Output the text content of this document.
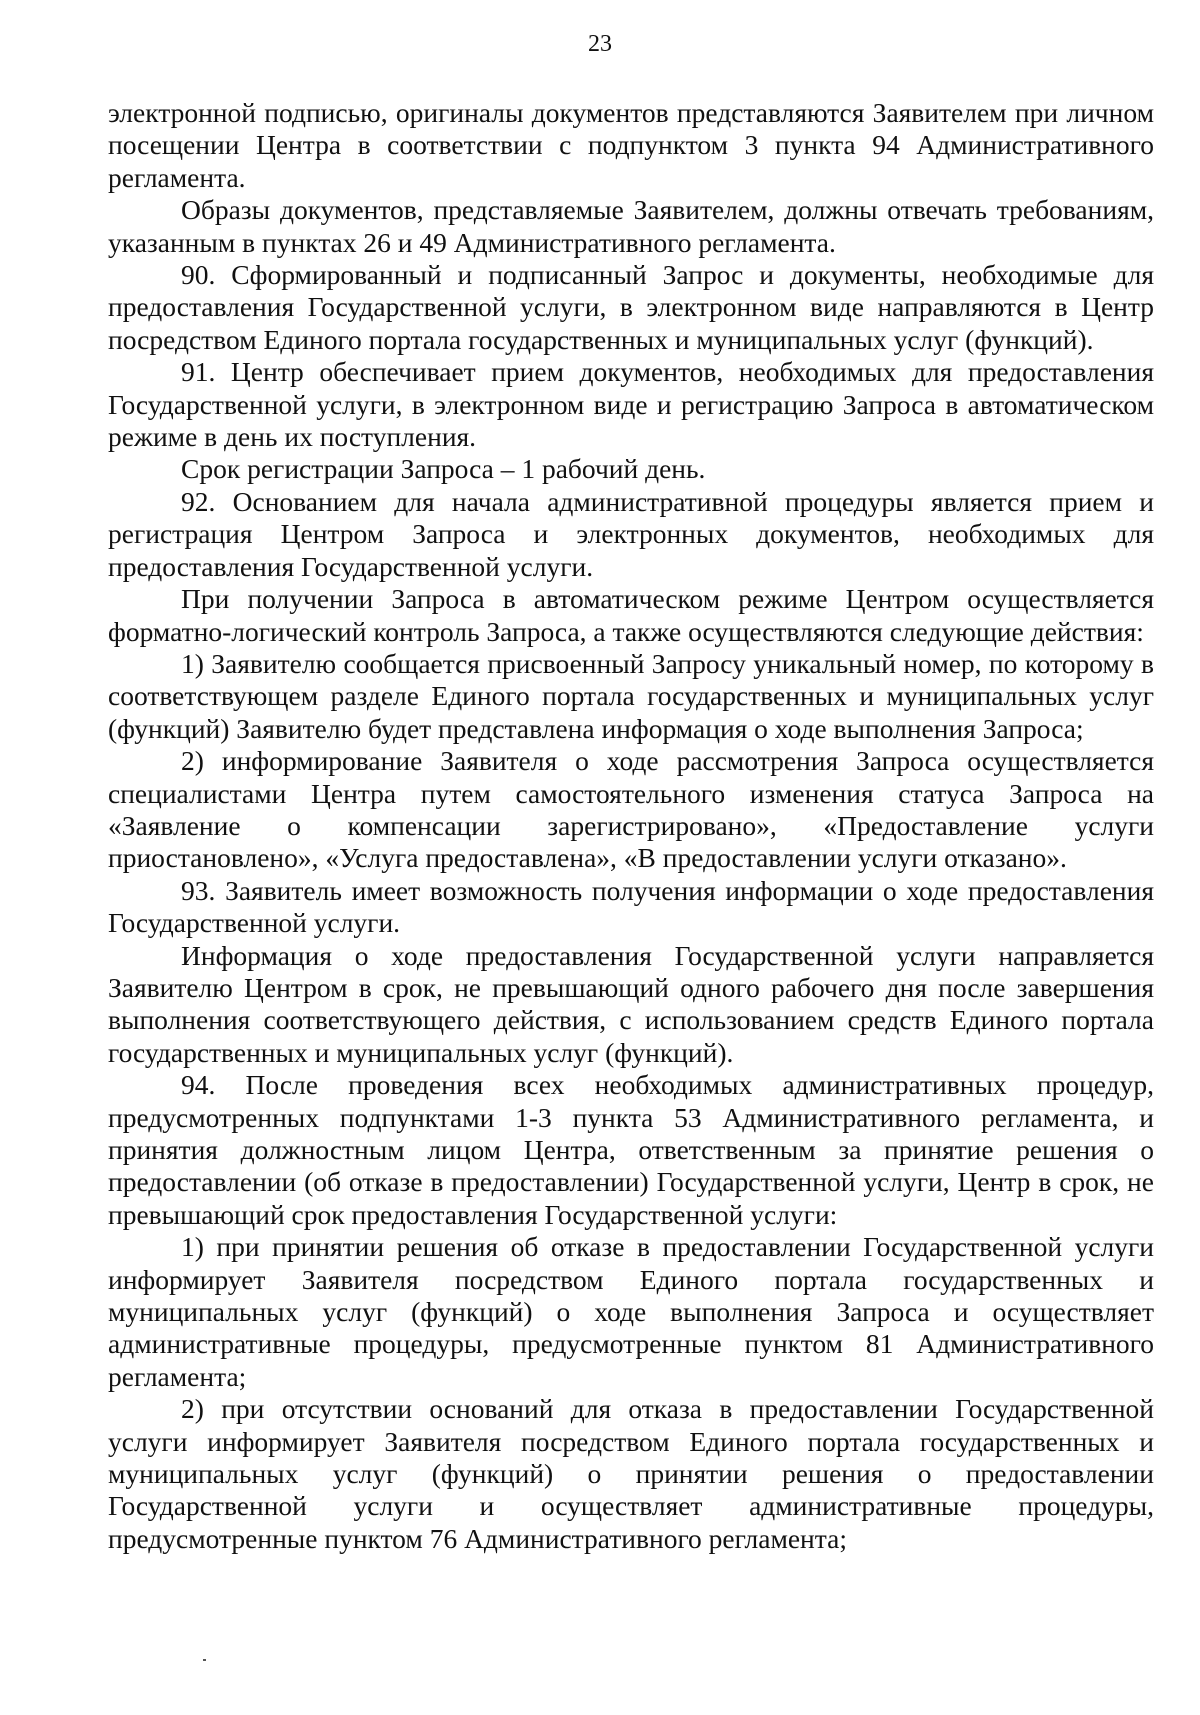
23

электронной подписью, оригиналы документов представляются Заявителем при личном посещении Центра в соответствии с подпунктом 3 пункта 94 Административного регламента.

Образы документов, представляемые Заявителем, должны отвечать требованиям, указанным в пунктах 26 и 49 Административного регламента.

90. Сформированный и подписанный Запрос и документы, необходимые для предоставления Государственной услуги, в электронном виде направляются в Центр посредством Единого портала государственных и муниципальных услуг (функций).

91. Центр обеспечивает прием документов, необходимых для предоставления Государственной услуги, в электронном виде и регистрацию Запроса в автоматическом режиме в день их поступления.

Срок регистрации Запроса – 1 рабочий день.

92. Основанием для начала административной процедуры является прием и регистрация Центром Запроса и электронных документов, необходимых для предоставления Государственной услуги.

При получении Запроса в автоматическом режиме Центром осуществляется форматно-логический контроль Запроса, а также осуществляются следующие действия:

1) Заявителю сообщается присвоенный Запросу уникальный номер, по которому в соответствующем разделе Единого портала государственных и муниципальных услуг (функций) Заявителю будет представлена информация о ходе выполнения Запроса;

2) информирование Заявителя о ходе рассмотрения Запроса осуществляется специалистами Центра путем самостоятельного изменения статуса Запроса на «Заявление о компенсации зарегистрировано», «Предоставление услуги приостановлено», «Услуга предоставлена», «В предоставлении услуги отказано».

93. Заявитель имеет возможность получения информации о ходе предоставления Государственной услуги.

Информация о ходе предоставления Государственной услуги направляется Заявителю Центром в срок, не превышающий одного рабочего дня после завершения выполнения соответствующего действия, с использованием средств Единого портала государственных и муниципальных услуг (функций).

94. После проведения всех необходимых административных процедур, предусмотренных подпунктами 1-3 пункта 53 Административного регламента, и принятия должностным лицом Центра, ответственным за принятие решения о предоставлении (об отказе в предоставлении) Государственной услуги, Центр в срок, не превышающий срок предоставления Государственной услуги:

1) при принятии решения об отказе в предоставлении Государственной услуги информирует Заявителя посредством Единого портала государственных и муниципальных услуг (функций) о ходе выполнения Запроса и осуществляет административные процедуры, предусмотренные пунктом 81 Административного регламента;

2) при отсутствии оснований для отказа в предоставлении Государственной услуги информирует Заявителя посредством Единого портала государственных и муниципальных услуг (функций) о принятии решения о предоставлении Государственной услуги и осуществляет административные процедуры, предусмотренные пунктом 76 Административного регламента;
